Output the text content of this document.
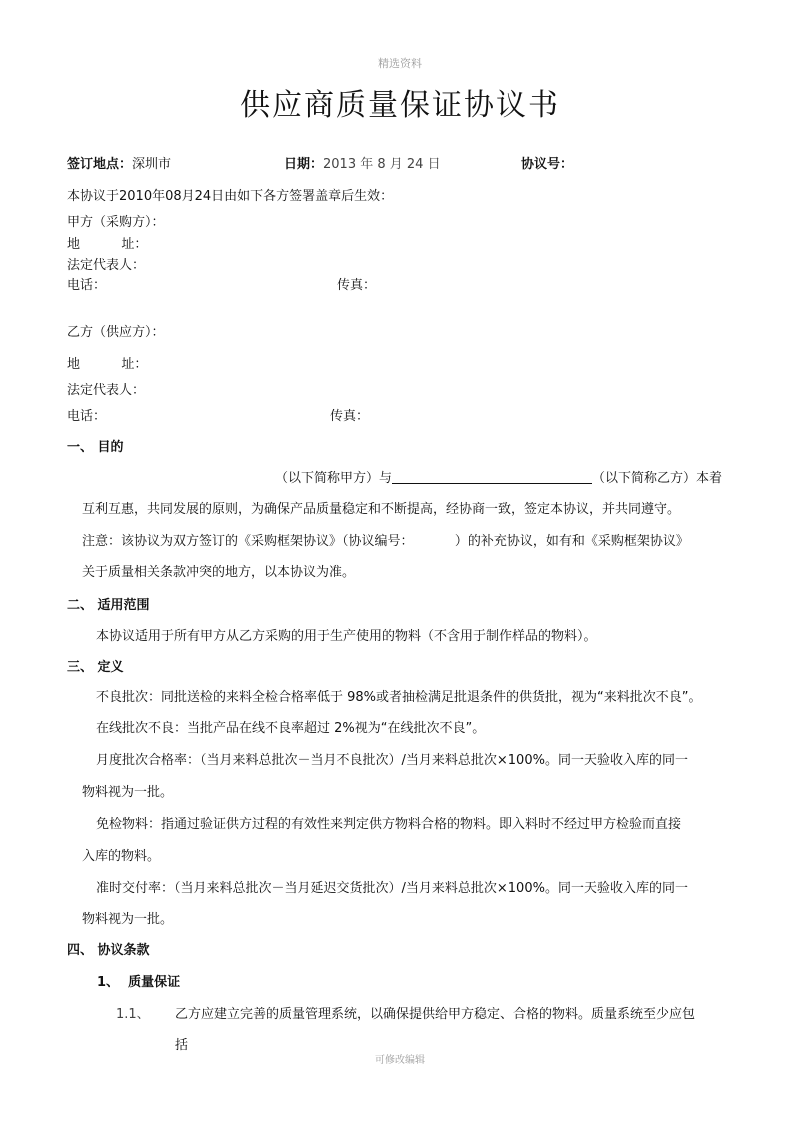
精选资料
供应商质量保证协议书
签订地点：深圳市	日期：2013 年 8 月 24 日	协议号：
本协议于2010年08月24日由如下各方签署盖章后生效：
甲方（采购方）：
地          址：
法定代表人：
电话：	传真：
乙方（供应方）：
地          址：
法定代表人：
电话：	传真：
一、 目的
（以下简称甲方）与	（以下简称乙方）本着
互利互惠，共同发展的原则，为确保产品质量稳定和不断提高，经协商一致，签定本协议，并共同遵守。
注意：该协议为双方签订的《采购框架协议》（协议编号：          ）的补充协议，如有和《采购框架协议》
关于质量相关条款冲突的地方，以本协议为准。
二、 适用范围
本协议适用于所有甲方从乙方采购的用于生产使用的物料（不含用于制作样品的物料）。
三、 定义
不良批次：同批送检的来料全检合格率低于 98%或者抽检满足批退条件的供货批，视为“来料批次不良”。
在线批次不良：当批产品在线不良率超过 2%视为“在线批次不良”。
月度批次合格率：（当月来料总批次－当月不良批次）/当月来料总批次×100%。同一天验收入库的同一
物料视为一批。
免检物料：指通过验证供方过程的有效性来判定供方物料合格的物料。即入料时不经过甲方检验而直接
入库的物料。
准时交付率：（当月来料总批次－当月延迟交货批次）/当月来料总批次×100%。同一天验收入库的同一
物料视为一批。
四、 协议条款
1、  质量保证
1.1、 乙方应建立完善的质量管理系统，以确保提供给甲方稳定、合格的物料。质量系统至少应包
括
可修改编辑
